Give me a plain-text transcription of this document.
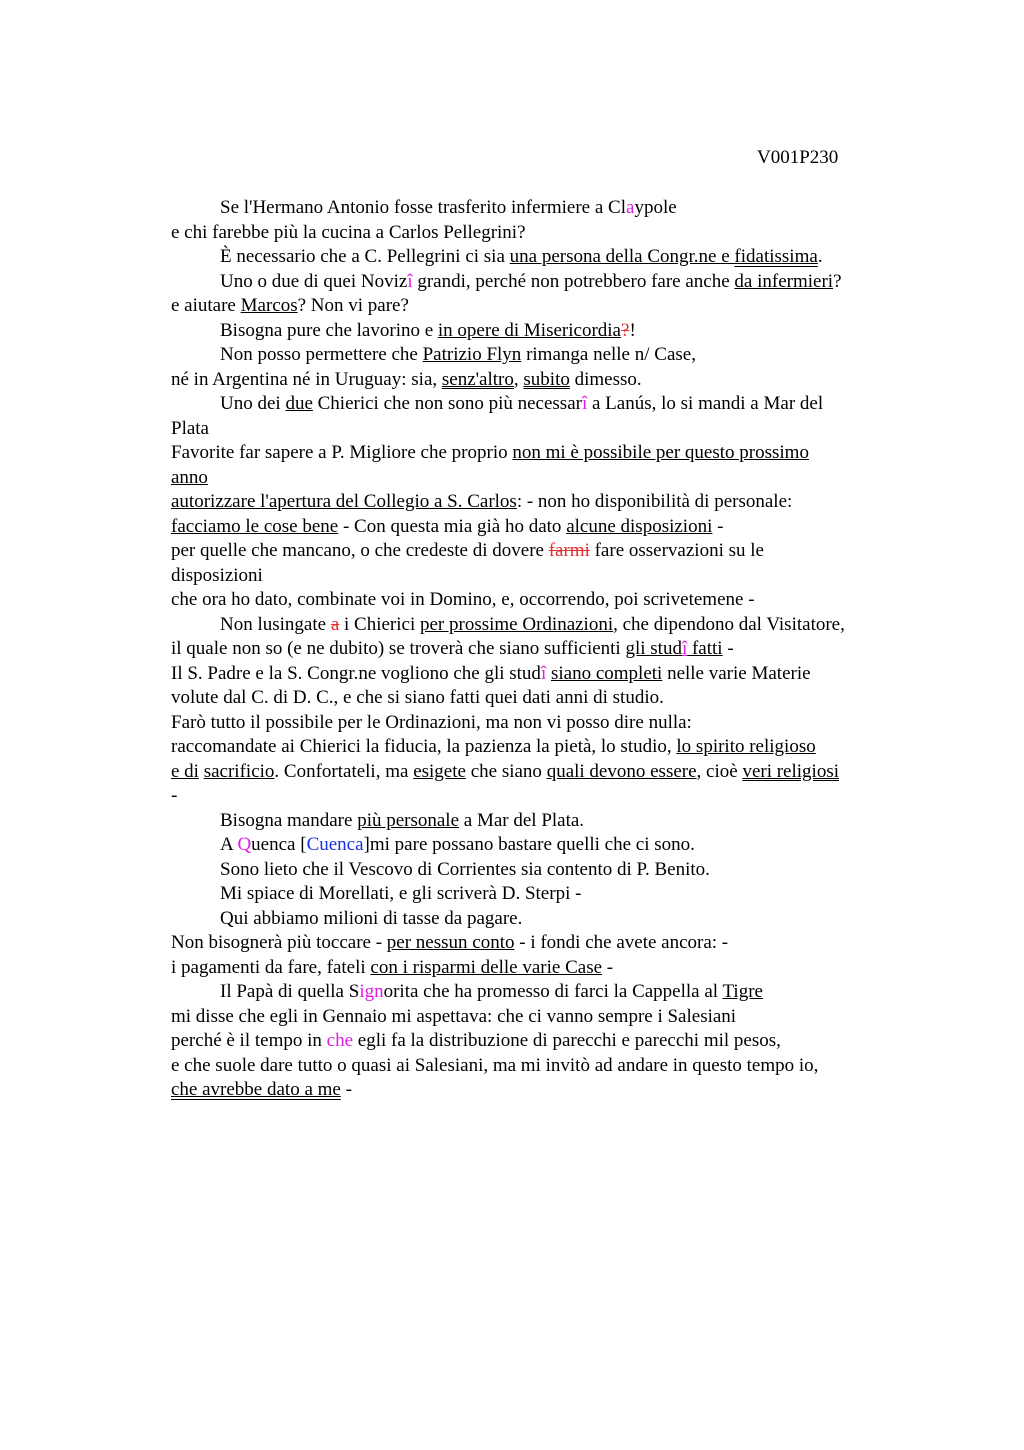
V001P230
Se l'Hermano Antonio fosse trasferito infermiere a Claypole
e chi farebbe più la cucina a Carlos Pellegrini?
È necessario che a C. Pellegrini ci sia una persona della Congr.ne e fidatissima.
Uno o due di quei Novizî grandi, perché non potrebbero fare anche da infermieri?
e aiutare Marcos? Non vi pare?
Bisogna pure che lavorino e in opere di Misericordia?!
Non posso permettere che Patrizio Flyn rimanga nelle n/ Case,
né in Argentina né in Uruguay: sia, senz'altro, subito dimesso.
Uno dei due Chierici che non sono più necessarî a Lanús, lo si mandi a Mar del
Plata
Favorite far sapere a P. Migliore che proprio non mi è possibile per questo prossimo
anno
autorizzare l'apertura del Collegio a S. Carlos: - non ho disponibilità di personale:
facciamo le cose bene - Con questa mia già ho dato alcune disposizioni -
per quelle che mancano, o che credeste di dovere farmi fare osservazioni su le
disposizioni
che ora ho dato, combinate voi in Domino, e, occorrendo, poi scrivetemene -
Non lusingate a i Chierici per prossime Ordinazioni, che dipendono dal Visitatore,
il quale non so (e ne dubito) se troverà che siano sufficienti gli studî fatti -
Il S. Padre e la S. Congr.ne vogliono che gli studî siano completi nelle varie Materie
volute dal C. di D. C., e che si siano fatti quei dati anni di studio.
Farò tutto il possibile per le Ordinazioni, ma non vi posso dire nulla:
raccomandate ai Chierici la fiducia, la pazienza la pietà, lo studio, lo spirito religioso
e di sacrificio. Confortateli, ma esigete che siano quali devono essere, cioè veri religiosi
-
Bisogna mandare più personale a Mar del Plata.
A Quenca [Cuenca]mi pare possano bastare quelli che ci sono.
Sono lieto che il Vescovo di Corrientes sia contento di P. Benito.
Mi spiace di Morellati, e gli scriverà D. Sterpi -
Qui abbiamo milioni di tasse da pagare.
Non bisognerà più toccare - per nessun conto - i fondi che avete ancora: -
i pagamenti da fare, fateli con i risparmi delle varie Case -
Il Papà di quella Signorita che ha promesso di farci la Cappella al Tigre
mi disse che egli in Gennaio mi aspettava: che ci vanno sempre i Salesiani
perché è il tempo in che egli fa la distribuzione di parecchi e parecchi mil pesos,
e che suole dare tutto o quasi ai Salesiani, ma mi invitò ad andare in questo tempo io,
che avrebbe dato a me -
